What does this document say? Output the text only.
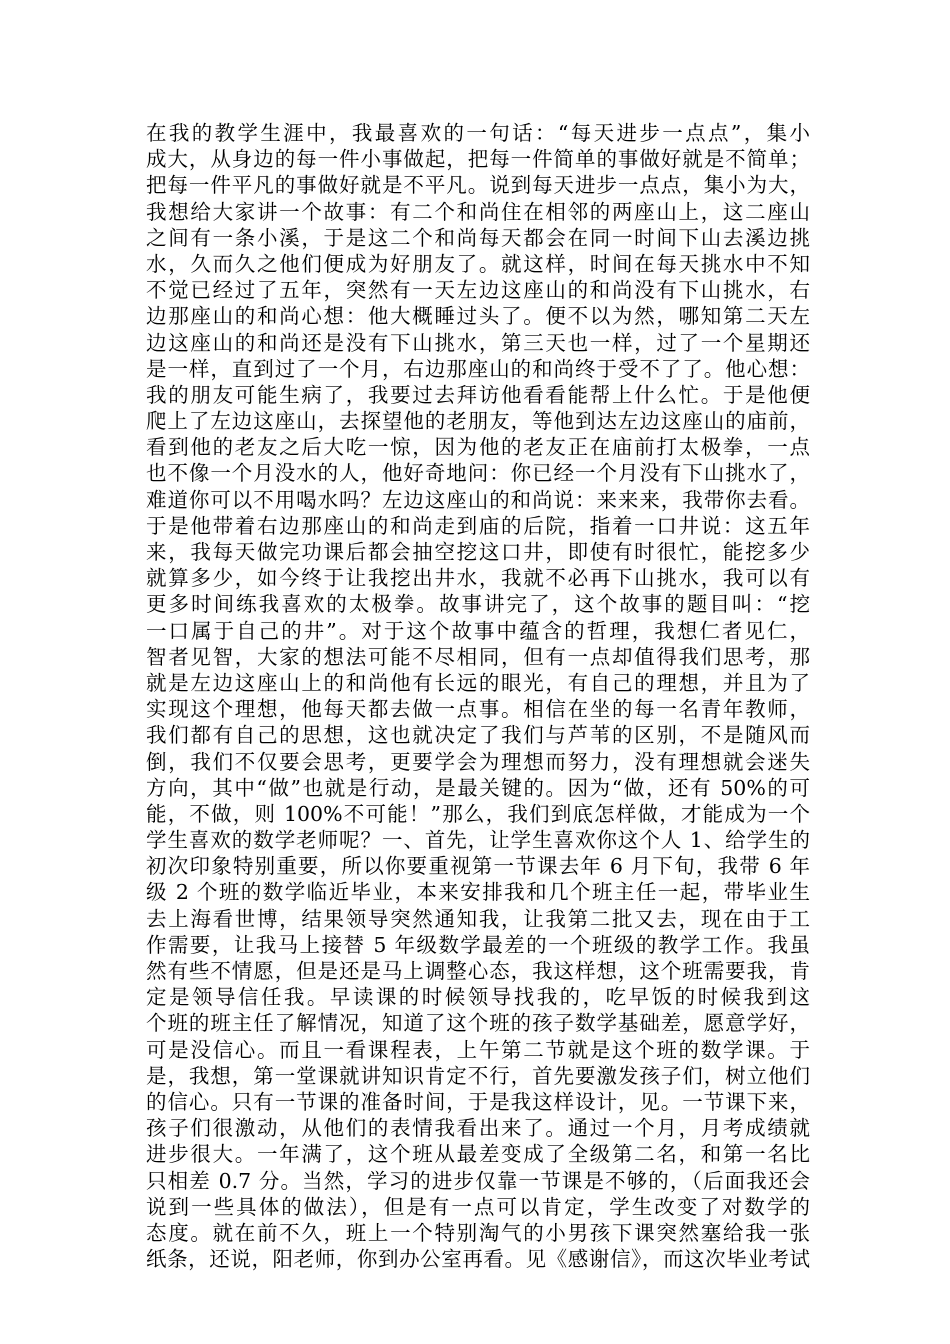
在我的教学生涯中，我最喜欢的一句话：“每天进步一点点”，集小
成大，从身边的每一件小事做起，把每一件简单的事做好就是不简单；
把每一件平凡的事做好就是不平凡。说到每天进步一点点，集小为大，
我想给大家讲一个故事：有二个和尚住在相邻的两座山上，这二座山
之间有一条小溪，于是这二个和尚每天都会在同一时间下山去溪边挑
水，久而久之他们便成为好朋友了。就这样，时间在每天挑水中不知
不觉已经过了五年，突然有一天左边这座山的和尚没有下山挑水，右
边那座山的和尚心想：他大概睡过头了。便不以为然，哪知第二天左
边这座山的和尚还是没有下山挑水，第三天也一样，过了一个星期还
是一样，直到过了一个月，右边那座山的和尚终于受不了了。他心想：
我的朋友可能生病了，我要过去拜访他看看能帮上什么忙。于是他便
爬上了左边这座山，去探望他的老朋友，等他到达左边这座山的庙前，
看到他的老友之后大吃一惊，因为他的老友正在庙前打太极拳，一点
也不像一个月没水的人，他好奇地问：你已经一个月没有下山挑水了，
难道你可以不用喝水吗？左边这座山的和尚说：来来来，我带你去看。
于是他带着右边那座山的和尚走到庙的后院，指着一口井说：这五年
来，我每天做完功课后都会抽空挖这口井，即使有时很忙，能挖多少
就算多少，如今终于让我挖出井水，我就不必再下山挑水，我可以有
更多时间练我喜欢的太极拳。故事讲完了，这个故事的题目叫：“挖
一口属于自己的井”。对于这个故事中蕴含的哲理，我想仁者见仁，
智者见智，大家的想法可能不尽相同，但有一点却值得我们思考，那
就是左边这座山上的和尚他有长远的眼光，有自己的理想，并且为了
实现这个理想，他每天都去做一点事。相信在坐的每一名青年教师，
我们都有自己的思想，这也就决定了我们与芦苇的区别，不是随风而
倒，我们不仅要会思考，更要学会为理想而努力，没有理想就会迷失
方向，其中“做”也就是行动，是最关键的。因为“做，还有 50%的可
能，不做，则 100%不可能！”那么，我们到底怎样做，才能成为一个
学生喜欢的数学老师呢？一、首先，让学生喜欢你这个人 1、给学生的
初次印象特别重要，所以你要重视第一节课去年 6 月下旬，我带 6 年
级 2 个班的数学临近毕业，本来安排我和几个班主任一起，带毕业生
去上海看世博，结果领导突然通知我，让我第二批又去，现在由于工
作需要，让我马上接替 5 年级数学最差的一个班级的教学工作。我虽
然有些不情愿，但是还是马上调整心态，我这样想，这个班需要我，肯
定是领导信任我。早读课的时候领导找我的，吃早饭的时候我到这
个班的班主任了解情况，知道了这个班的孩子数学基础差，愿意学好，
可是没信心。而且一看课程表，上午第二节就是这个班的数学课。于
是，我想，第一堂课就讲知识肯定不行，首先要激发孩子们，树立他们
的信心。只有一节课的准备时间，于是我这样设计，见。一节课下来，
孩子们很激动，从他们的表情我看出来了。通过一个月，月考成绩就
进步很大。一年满了，这个班从最差变成了全级第二名，和第一名比
只相差 0.7 分。当然，学习的进步仅靠一节课是不够的，（后面我还会
说到一些具体的做法），但是有一点可以肯定，学生改变了对数学的
态度。就在前不久，班上一个特别淘气的小男孩下课突然塞给我一张
纸条，还说，阳老师，你到办公室再看。见《感谢信》，而这次毕业考试
